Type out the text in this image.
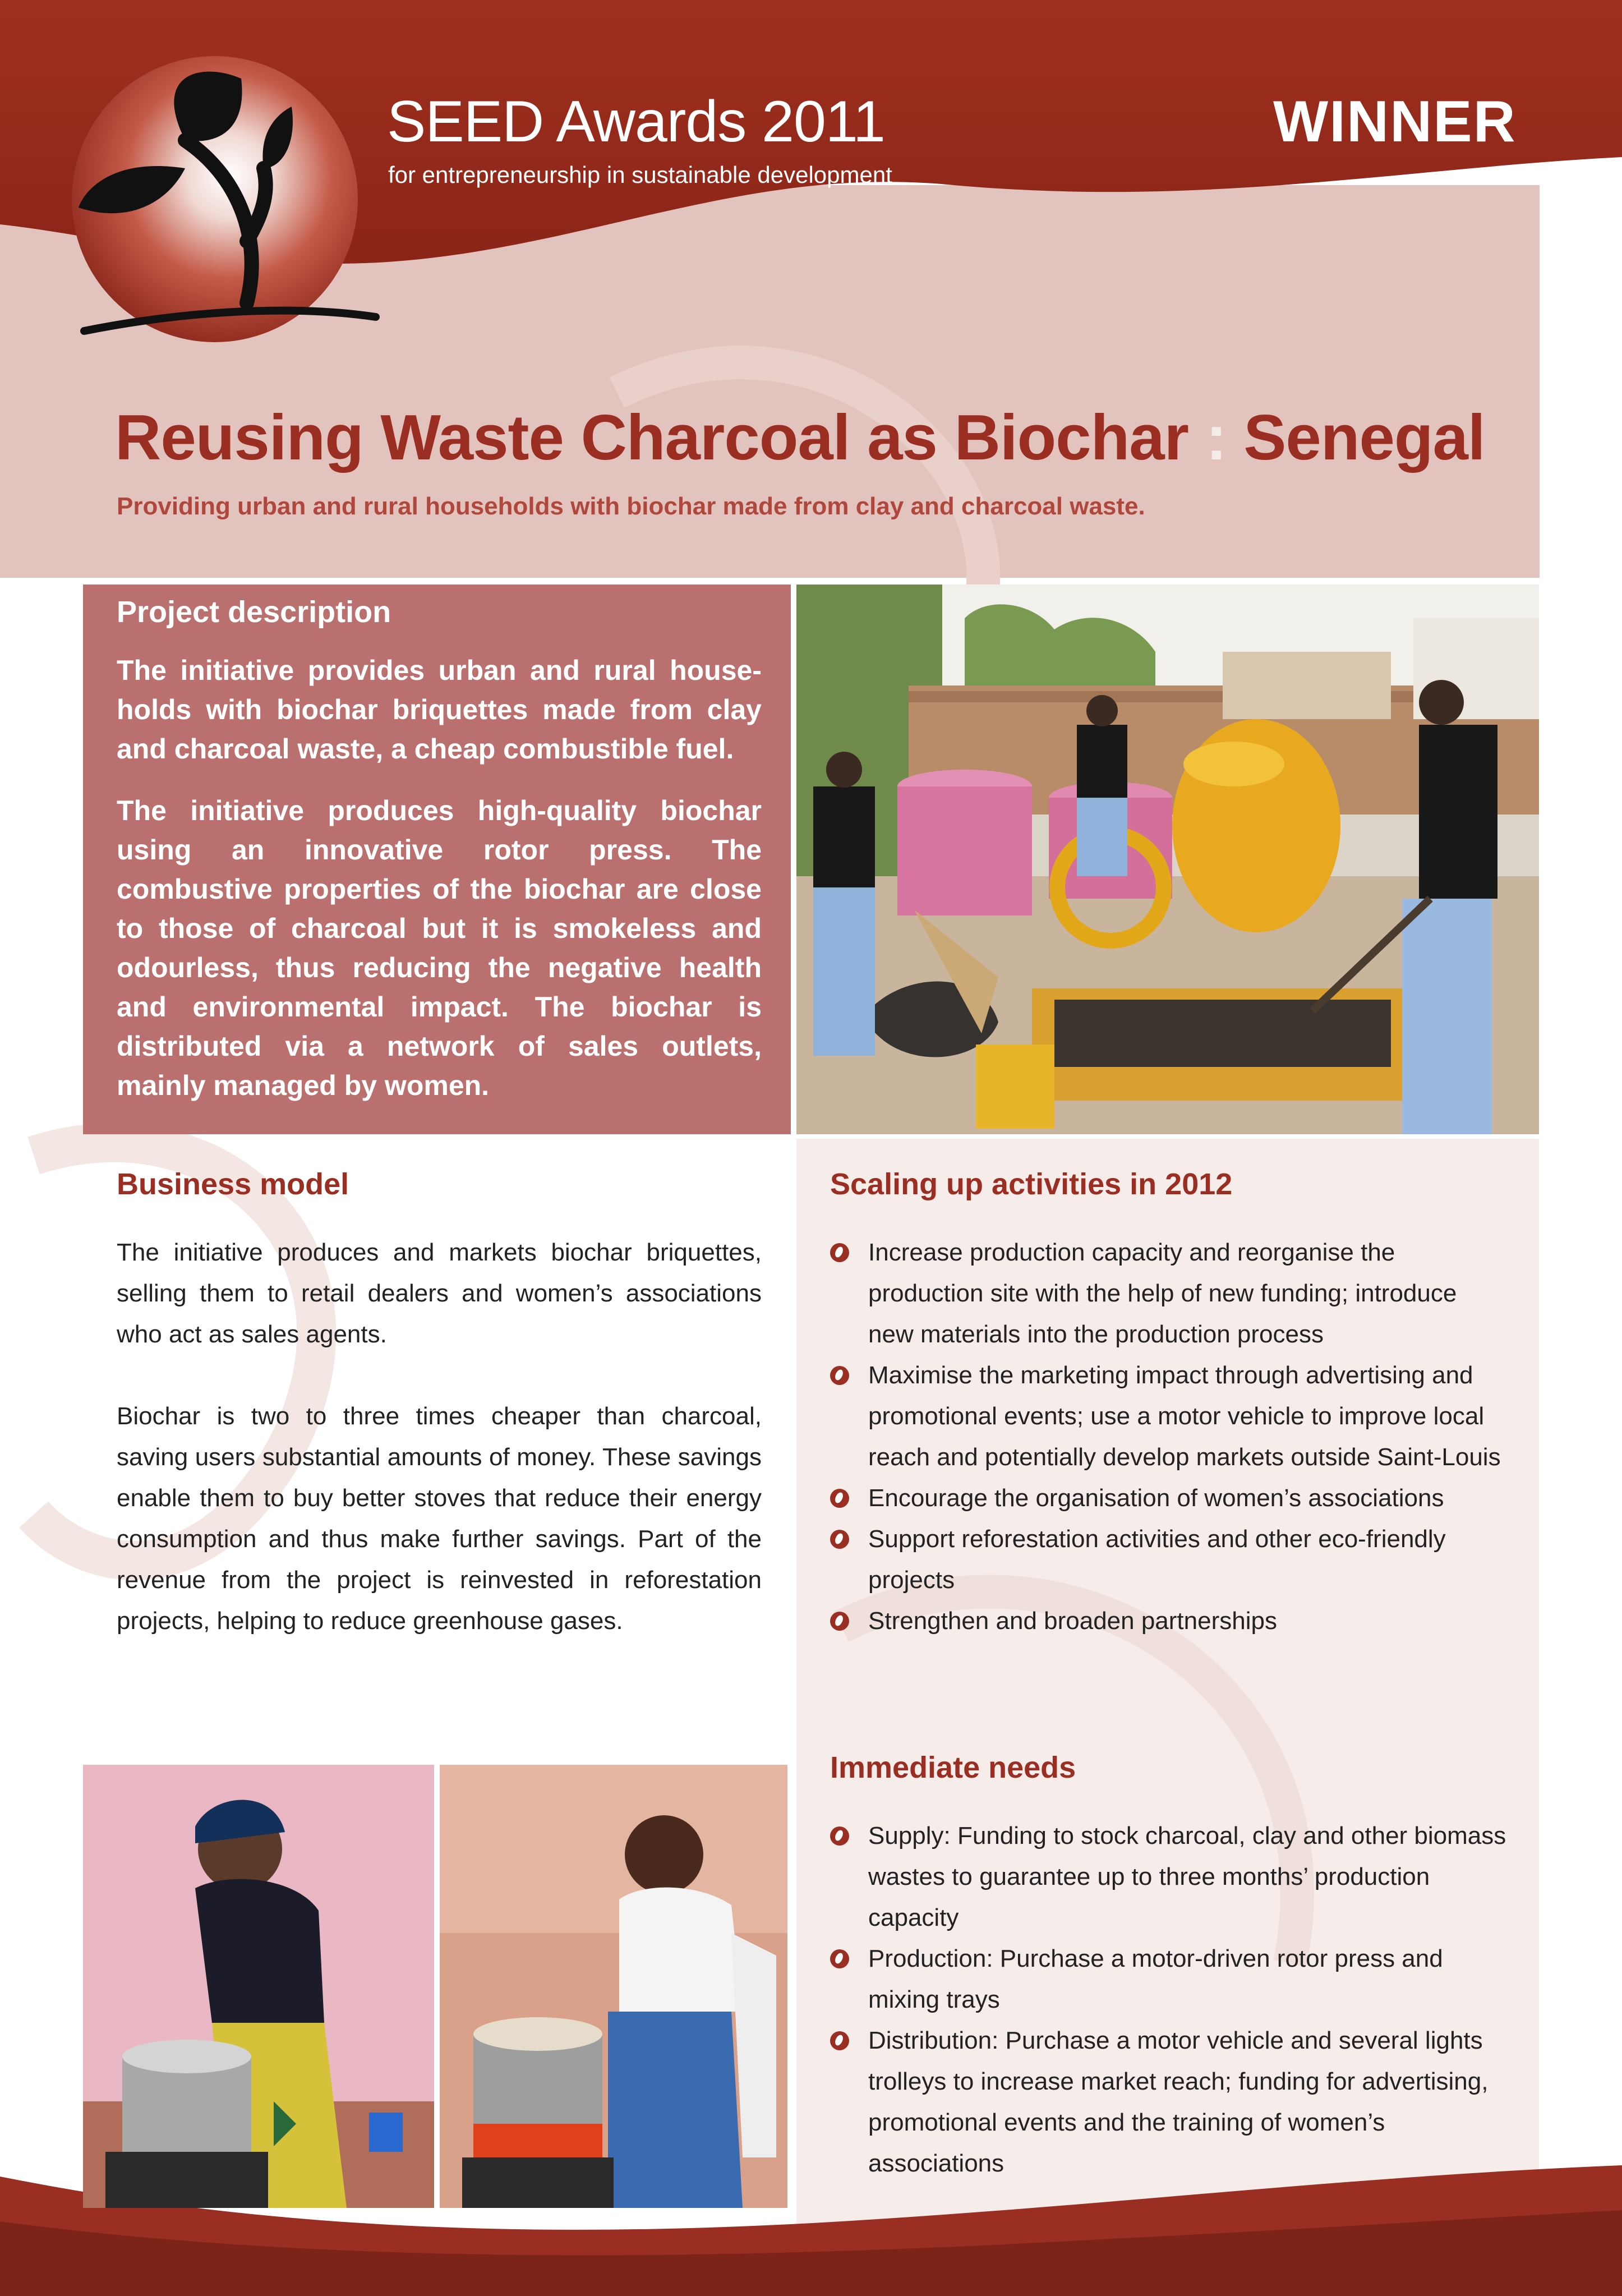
SEED Awards 2011
for entrepreneurship in sustainable development
WINNER
Reusing Waste Charcoal as Biochar : Senegal
Providing urban and rural households with biochar made from clay and charcoal waste.
Project description

The initiative provides urban and rural house-holds with biochar briquettes made from clay and charcoal waste, a cheap combustible fuel.

The initiative produces high-quality biochar using an innovative rotor press. The combustive properties of the biochar are close to those of charcoal but it is smokeless and odourless, thus reducing the negative health and environmental impact. The biochar is distributed via a network of sales outlets, mainly managed by women.

Business model

The initiative produces and markets biochar briquettes, selling them to retail dealers and women’s associations who act as sales agents.

Biochar is two to three times cheaper than charcoal, saving users substantial amounts of money. These savings enable them to buy better stoves that reduce their energy consumption and thus make further savings. Part of the revenue from the project is reinvested in reforestation projects, helping to reduce greenhouse gases.

Scaling up activities in 2012
Increase production capacity and reorganise the production site with the help of new funding; introduce new materials into the production process
Maximise the marketing impact through advertising and promotional events; use a motor vehicle to improve local reach and potentially develop markets outside Saint-Louis
Encourage the organisation of women’s associations
Support reforestation activities and other eco-friendly projects
Strengthen and broaden partnerships
Immediate needs
Supply: Funding to stock charcoal, clay and other biomass wastes to guarantee up to three months’ production capacity
Production: Purchase a motor-driven rotor press and mixing trays
Distribution: Purchase a motor vehicle and several lights trolleys to increase market reach; funding for advertising, promotional events and the training of women’s associations
